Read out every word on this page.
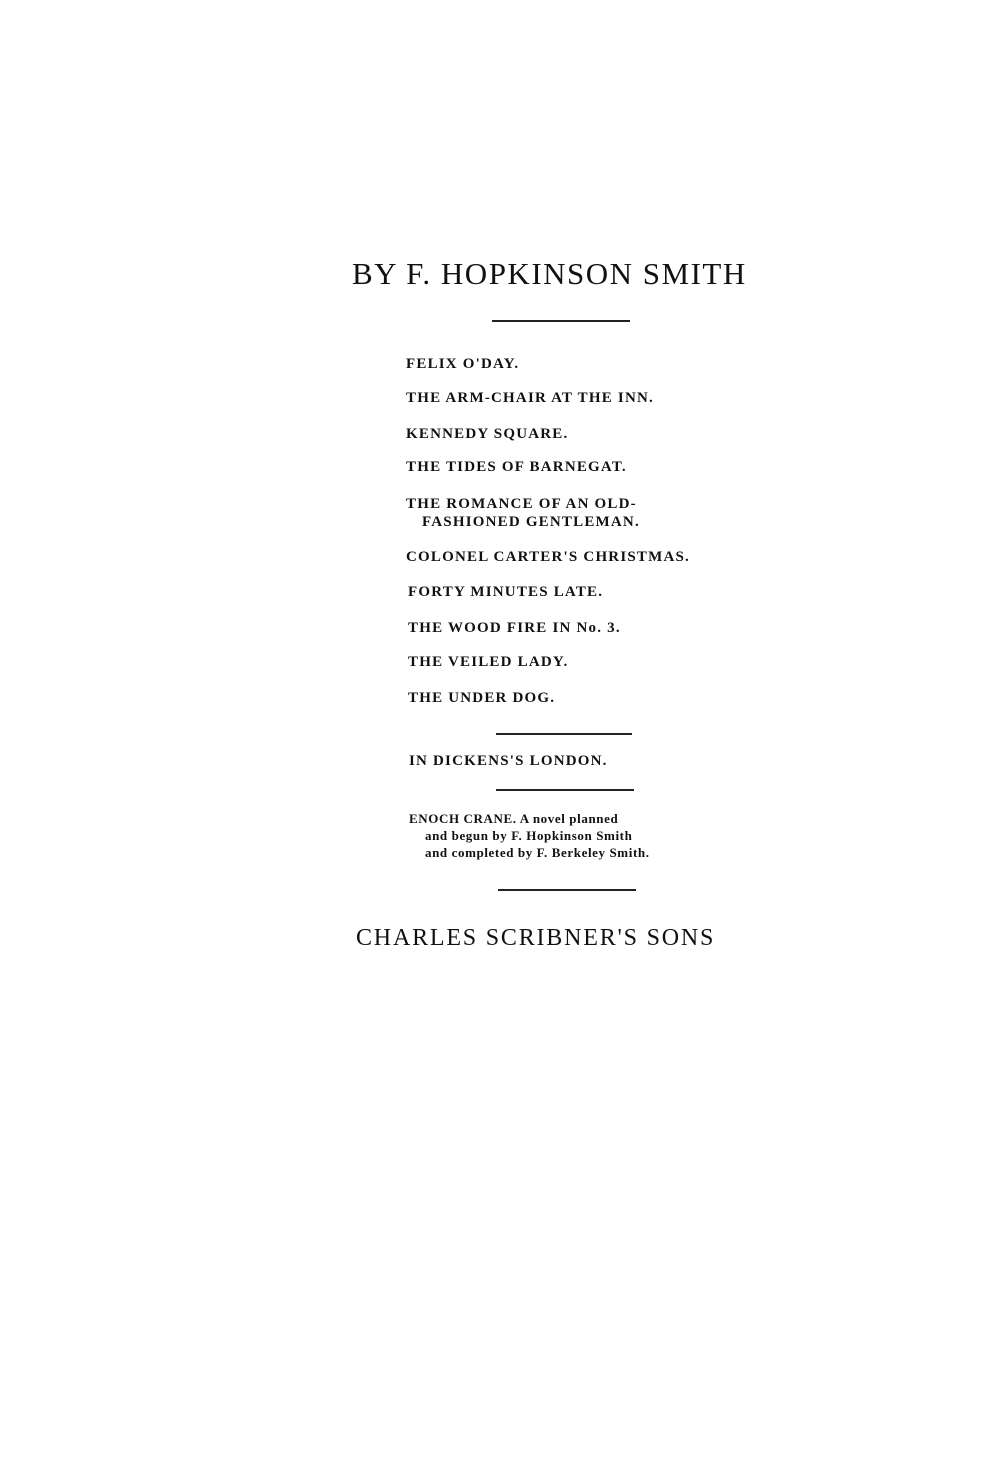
BY F. HOPKINSON SMITH

FELIX O'DAY.

THE ARM-CHAIR AT THE INN.

KENNEDY SQUARE.

THE TIDES OF BARNEGAT.

THE ROMANCE OF AN OLD-
FASHIONED GENTLEMAN.

COLONEL CARTER'S CHRISTMAS.

FORTY MINUTES LATE.

THE WOOD FIRE IN No. 3.

THE VEILED LADY.

THE UNDER DOG.

IN DICKENS'S LONDON.

ENOCH CRANE. A novel planned
and begun by F. Hopkinson Smith
and completed by F. Berkeley Smith.
CHARLES SCRIBNER'S SONS
